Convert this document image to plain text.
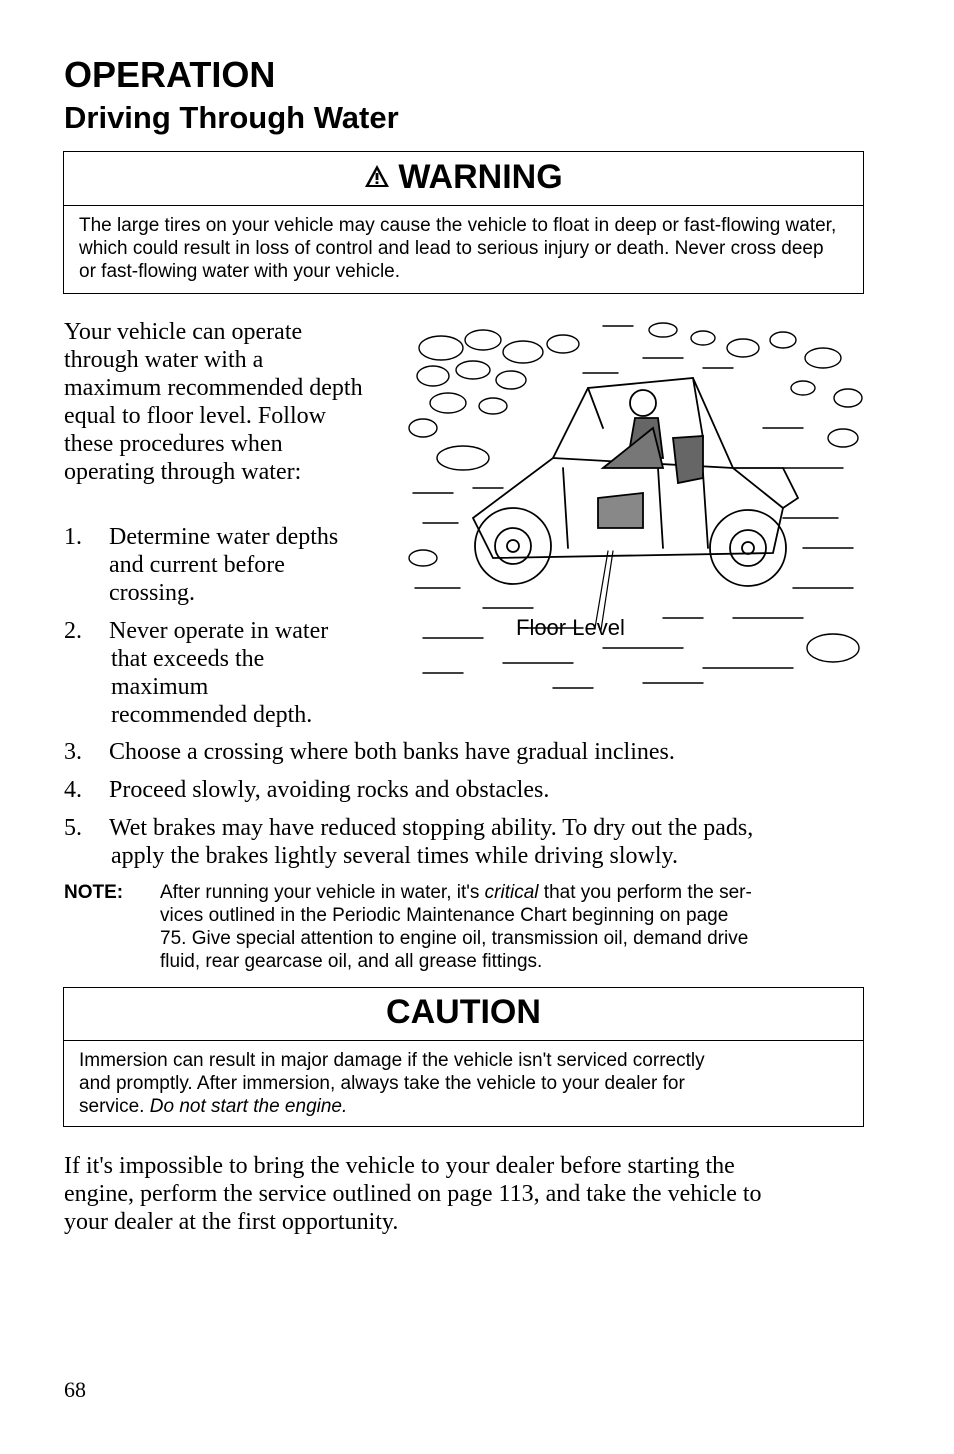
OPERATION
Driving Through Water
WARNING
The large tires on your vehicle may cause the vehicle to float in deep or fast-flowing water, which could result in loss of control and lead to serious injury or death. Never cross deep or fast-flowing water with your vehicle.
Your vehicle can operate through water with a maximum recommended depth equal to floor level. Follow these procedures when operating through water:
1. Determine water depths
and current before
crossing.
2. Never operate in water
that exceeds the
maximum
recommended depth.
3. Choose a crossing where both banks have gradual inclines.
4. Proceed slowly, avoiding rocks and obstacles.
5. Wet brakes may have reduced stopping ability. To dry out the pads,
apply the brakes lightly several times while driving slowly.
Floor Level
NOTE: After running your vehicle in water, it's critical that you perform the ser-
vices outlined in the Periodic Maintenance Chart beginning on page
75. Give special attention to engine oil, transmission oil, demand drive
fluid, rear gearcase oil, and all grease fittings.
CAUTION
Immersion can result in major damage if the vehicle isn't serviced correctly
and promptly. After immersion, always take the vehicle to your dealer for
service. Do not start the engine.
If it's impossible to bring the vehicle to your dealer before starting the
engine, perform the service outlined on page 113, and take the vehicle to
your dealer at the first opportunity.
68
